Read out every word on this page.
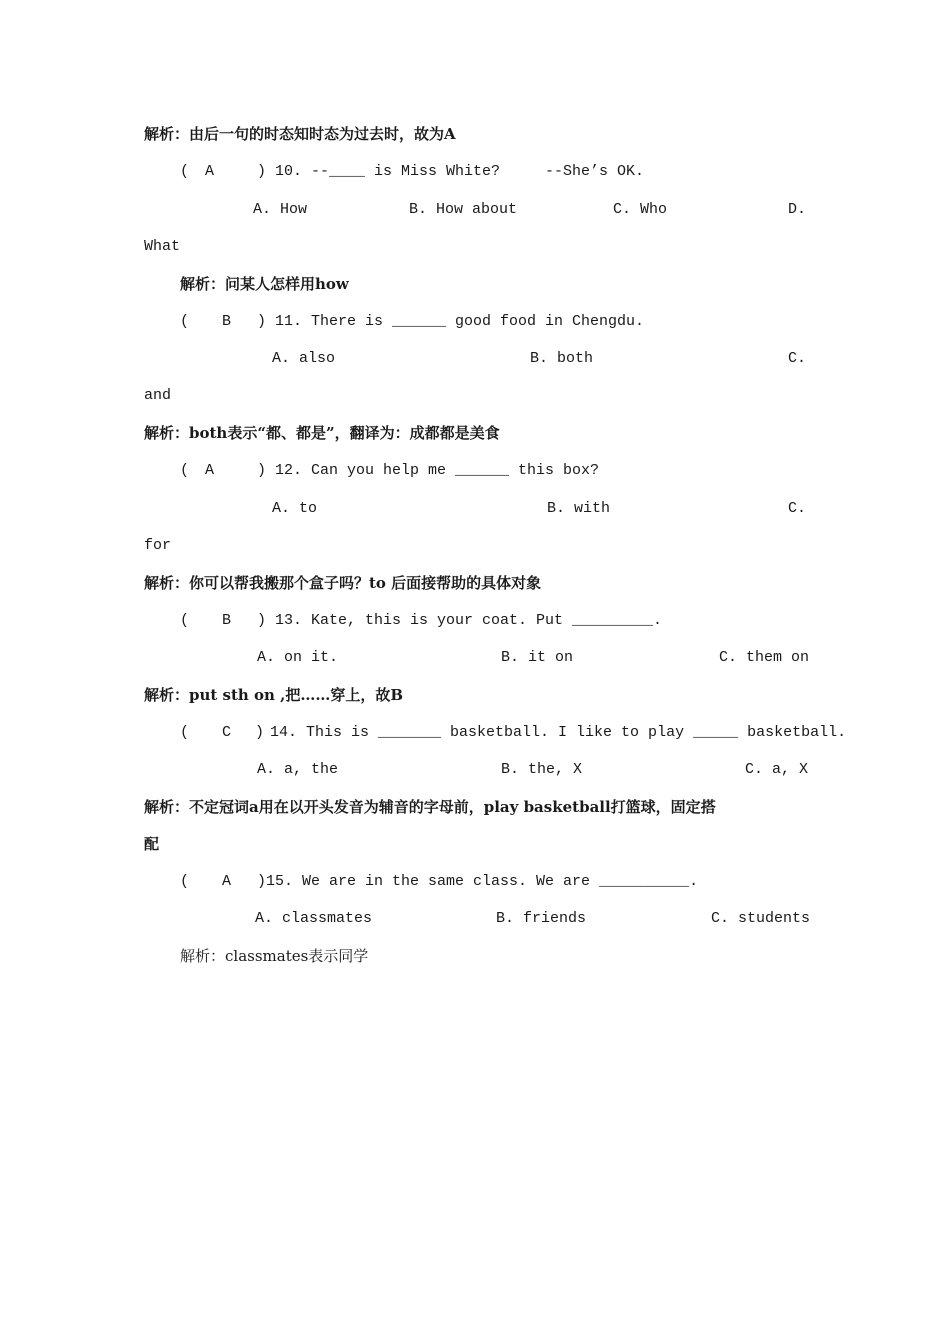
解析：由后一句的时态知时态为过去时，故为A
( A	) 10. --____ is Miss White?     --She’s OK.
A. How	B. How about	C. Who	D.
What
解析：问某人怎样用how
( B ) 11. There is ______ good food in Chengdu.
A. also	B. both	C.
and
解析：both表示“都、都是”，翻译为：成都都是美食
( A	) 12. Can you help me ______ this box?
A. to	B. with	C.
for
解析：你可以帮我搬那个盒子吗？to 后面接帮助的具体对象
( B ) 13. Kate, this is your coat. Put _________.
A. on it.	B. it on	C. them on
解析：put sth on ,把……穿上，故B
( C ) 14. This is _______ basketball. I like to play _____ basketball.
A. a, the	B. the, X	C. a, X
解析：不定冠词a用在以开头发音为辅音的字母前，play basketball打篮球，固定搭
配
( A )15. We are in the same class. We are __________.
A. classmates	B. friends	C. students
解析：classmates表示同学
